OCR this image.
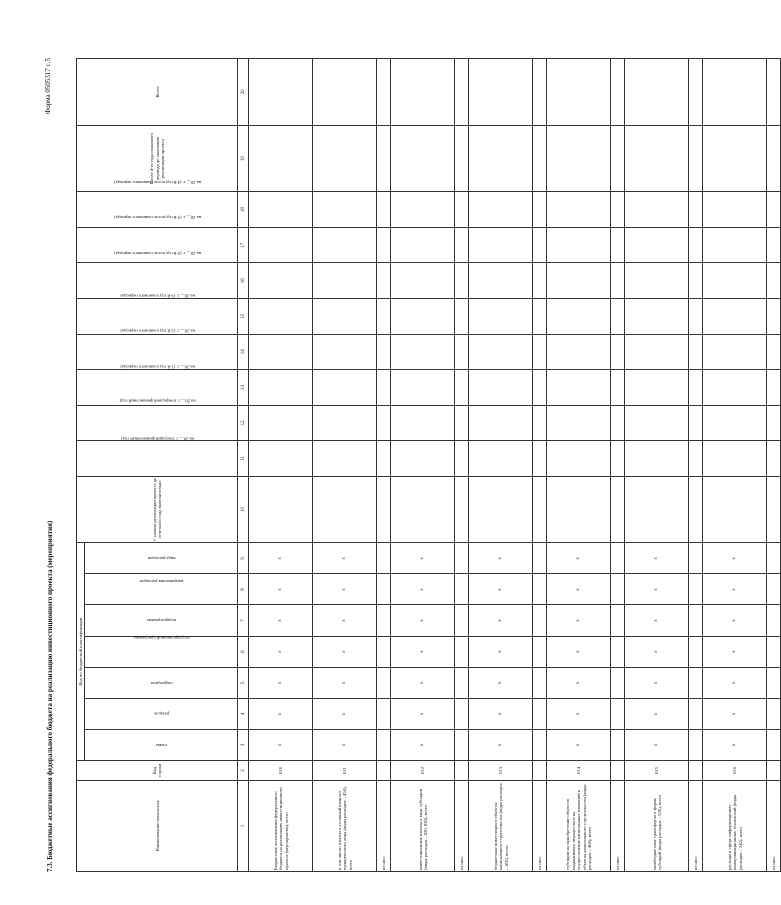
Форма 0505317 с.5
7.3. Бюджетные ассигнования федерального бюджета на реализацию инвестиционного проекта (мероприятия)	Наименование показателя	Код строки	Код по бюджетной классификации							С начала реализации проекта до отчетного года включительно	на 20__ г. (текущий финансовый год)	на 20__ г. (очередной финансовый год)	на 20__ г. (1-й год планового периода)	на 20__ г. (2-й год планового периода)	на 20__ г. (3-й год планового периода)	на 20__ г. (2-й год после планового периода)	на 20__ г. (3-й год после планового периода)	на 20__ г. (4-й год после планового периода)	После 4-го года планового периода до окончания реализации проекта	Всего
		главы	раздела	подраздела	государственной программы	подпрограммы	направления расходов	вида расходов											
1	2	3	4	5	6	7	8	9	10	11	12	13	14	15	16	17	18	19	20
Бюджетные ассигнования федерального бюджета на реализацию инвестиционного проекта (мероприятия), всего	010	х	х	х	х	х	х	х											
в том числе: взносы в уставный капитал юридического лица (виды расходов – 450), всего	011	х	х	х	х	х	х	х											
из них:																			
инвестиционные взносы в виде субсидии (виды расходов – 820, 830), всего	012	х	х	х	х	х	х	х											
из них:																			
бюджетные инвестиции в объекты капитального строительства (виды расходов – 410), всего	013	х	х	х	х	х	х	х											
из них:																			
субсидии на приобретение объектов недвижимого имущества и на осуществление капитальных вложений в объекты капитального строительства (виды расходов – 460), всего	014	х	х	х	х	х	х	х											
из них:																			
межбюджетные трансферты в форме субсидий (виды расходов – 520), всего	015	х	х	х	х	х	х	х											
из них:																			
расходы в сфере информационно-коммуникационных технологий (виды расходов – 242), всего	016	х	х	х	х	х	х	х											
из них:																			
